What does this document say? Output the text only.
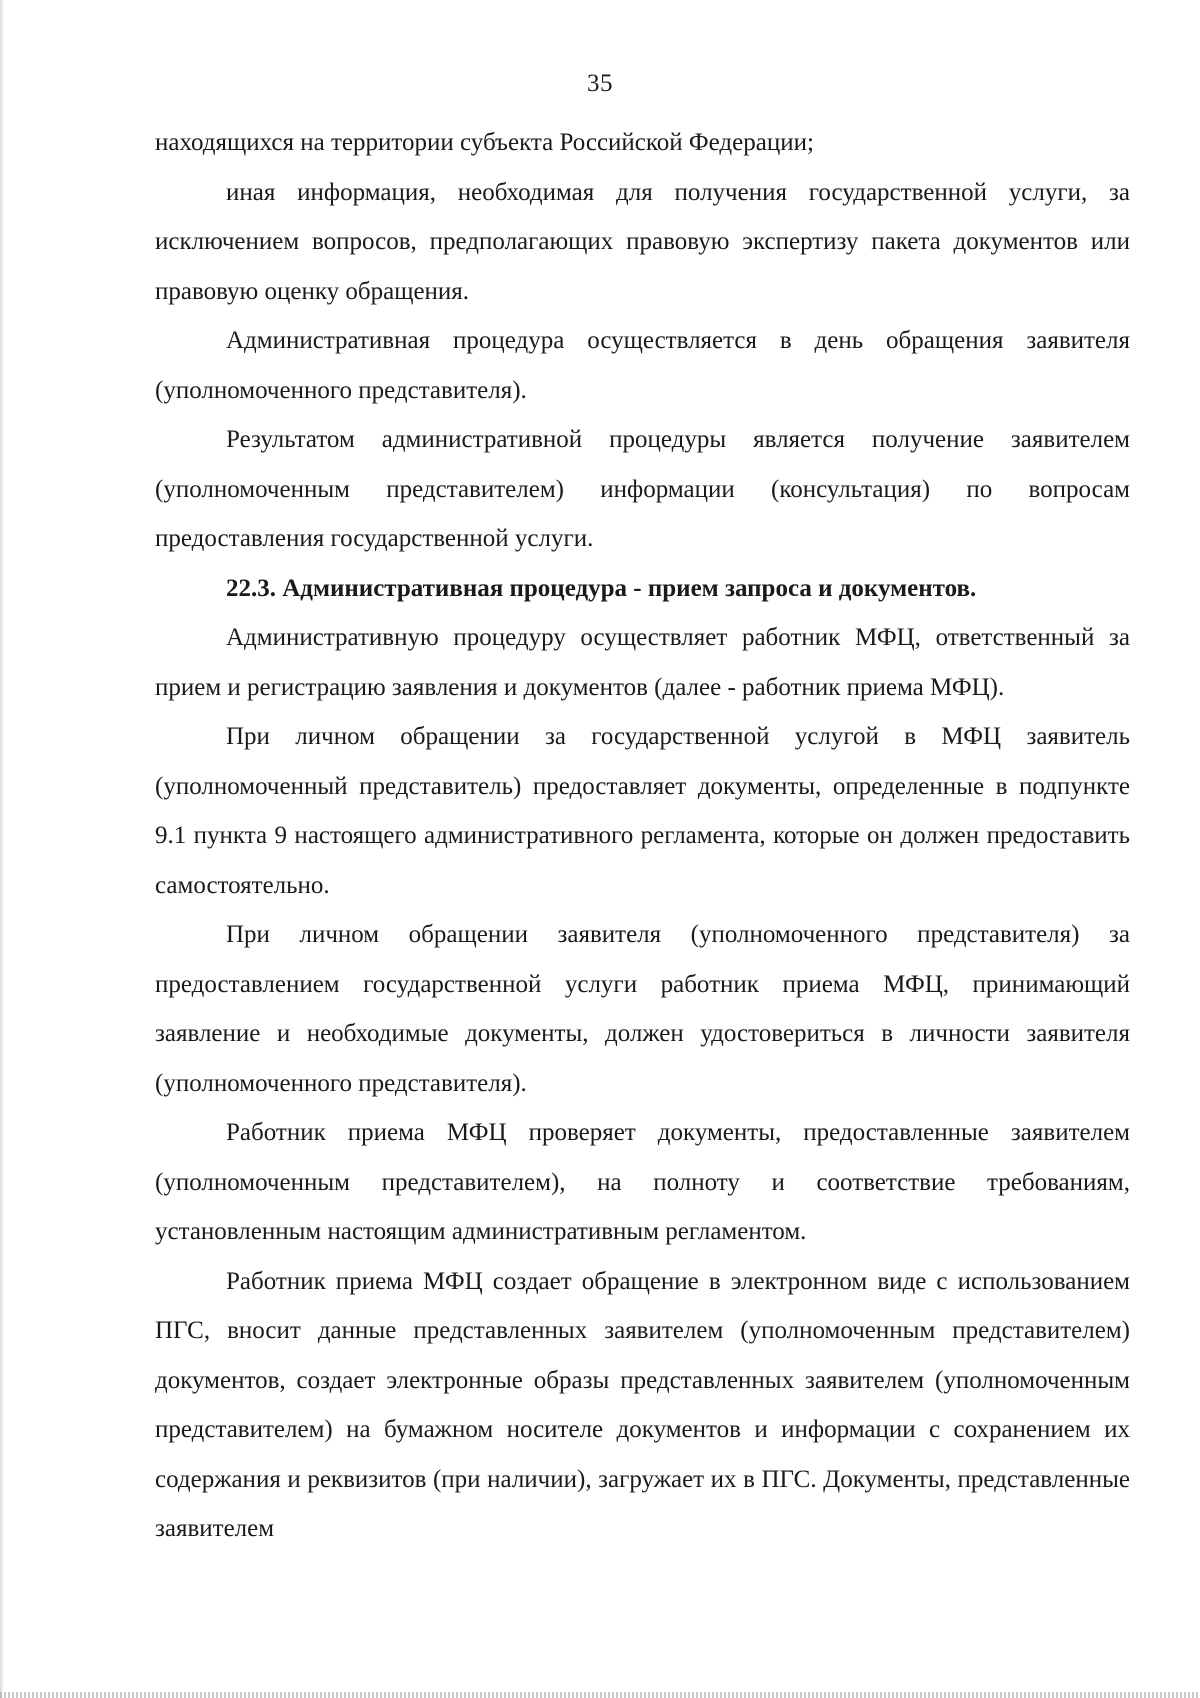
35

находящихся на территории субъекта Российской Федерации;

иная информация, необходимая для получения государственной услуги, за исключением вопросов, предполагающих правовую экспертизу пакета документов или правовую оценку обращения.

Административная процедура осуществляется в день обращения заявителя (уполномоченного представителя).

Результатом административной процедуры является получение заявителем (уполномоченным представителем) информации (консультация) по вопросам предоставления государственной услуги.

22.3. Административная процедура - прием запроса и документов.

Административную процедуру осуществляет работник МФЦ, ответственный за прием и регистрацию заявления и документов (далее - работник приема МФЦ).

При личном обращении за государственной услугой в МФЦ заявитель (уполномоченный представитель) предоставляет документы, определенные в подпункте 9.1 пункта 9 настоящего административного регламента, которые он должен предоставить самостоятельно.

При личном обращении заявителя (уполномоченного представителя) за предоставлением государственной услуги работник приема МФЦ, принимающий заявление и необходимые документы, должен удостовериться в личности заявителя (уполномоченного представителя).

Работник приема МФЦ проверяет документы, предоставленные заявителем (уполномоченным представителем), на полноту и соответствие требованиям, установленным настоящим административным регламентом.

Работник приема МФЦ создает обращение в электронном виде с использованием ПГС, вносит данные представленных заявителем (уполномоченным представителем) документов, создает электронные образы представленных заявителем (уполномоченным представителем) на бумажном носителе документов и информации с сохранением их содержания и реквизитов (при наличии), загружает их в ПГС. Документы, представленные заявителем
